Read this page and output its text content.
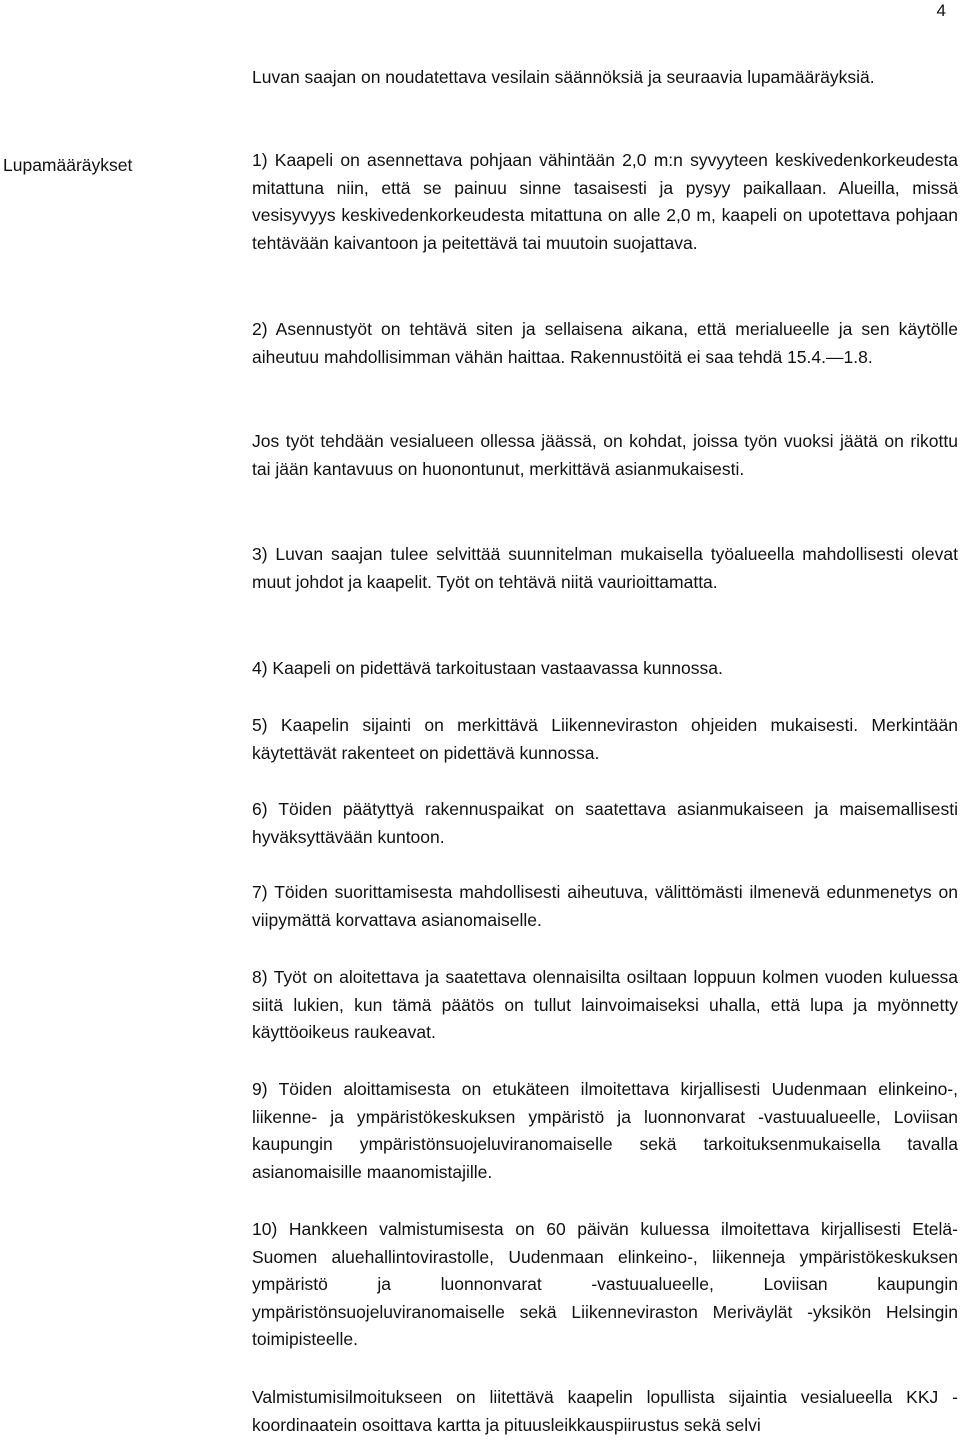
4
Lupamääräykset

Luvan saajan on noudatettava vesilain säännöksiä ja seuraavia lupamääräyksiä.

1) Kaapeli on asennettava pohjaan vähintään 2,0 m:n syvyyteen keskivedenkorkeudesta mitattuna niin, että se painuu sinne tasaisesti ja pysyy paikallaan. Alueilla, missä vesisyvyys keskivedenkorkeudesta mitattuna on alle 2,0 m, kaapeli on upotettava pohjaan tehtävään kaivantoon ja peitettävä tai muutoin suojattava.

2) Asennustyöt on tehtävä siten ja sellaisena aikana, että merialueelle ja sen käytölle aiheutuu mahdollisimman vähän haittaa. Rakennustöitä ei saa tehdä 15.4.—1.8.

Jos työt tehdään vesialueen ollessa jäässä, on kohdat, joissa työn vuoksi jäätä on rikottu tai jään kantavuus on huonontunut, merkittävä asianmukaisesti.

3) Luvan saajan tulee selvittää suunnitelman mukaisella työalueella mahdollisesti olevat muut johdot ja kaapelit. Työt on tehtävä niitä vaurioittamatta.

4) Kaapeli on pidettävä tarkoitustaan vastaavassa kunnossa.

5) Kaapelin sijainti on merkittävä Liikenneviraston ohjeiden mukaisesti. Merkintään käytettävät rakenteet on pidettävä kunnossa.

6) Töiden päätyttyä rakennuspaikat on saatettava asianmukaiseen ja maisemallisesti hyväksyttävään kuntoon.

7) Töiden suorittamisesta mahdollisesti aiheutuva, välittömästi ilmenevä edunmenetys on viipymättä korvattava asianomaiselle.

8) Työt on aloitettava ja saatettava olennaisilta osiltaan loppuun kolmen vuoden kuluessa siitä lukien, kun tämä päätös on tullut lainvoimaiseksi uhalla, että lupa ja myönnetty käyttöoikeus raukeavat.

9) Töiden aloittamisesta on etukäteen ilmoitettava kirjallisesti Uudenmaan elinkeino-, liikenne- ja ympäristökeskuksen ympäristö ja luonnonvarat -vastuualueelle, Loviisan kaupungin ympäristönsuojeluviranomaiselle sekä tarkoituksenmukaisella tavalla asianomaisille maanomistajille.

10) Hankkeen valmistumisesta on 60 päivän kuluessa ilmoitettava kirjallisesti Etelä-Suomen aluehallintovirastolle, Uudenmaan elinkeino-, liikenneja ympäristökeskuksen ympäristö ja luonnonvarat -vastuualueelle, Loviisan kaupungin ympäristönsuojeluviranomaiselle sekä Liikenneviraston Meriväylät -yksikön Helsingin toimipisteelle.

Valmistumisilmoitukseen on liitettävä kaapelin lopullista sijaintia vesialueella KKJ -koordinaatein osoittava kartta ja pituusleikkauspiirustus sekä selvi
